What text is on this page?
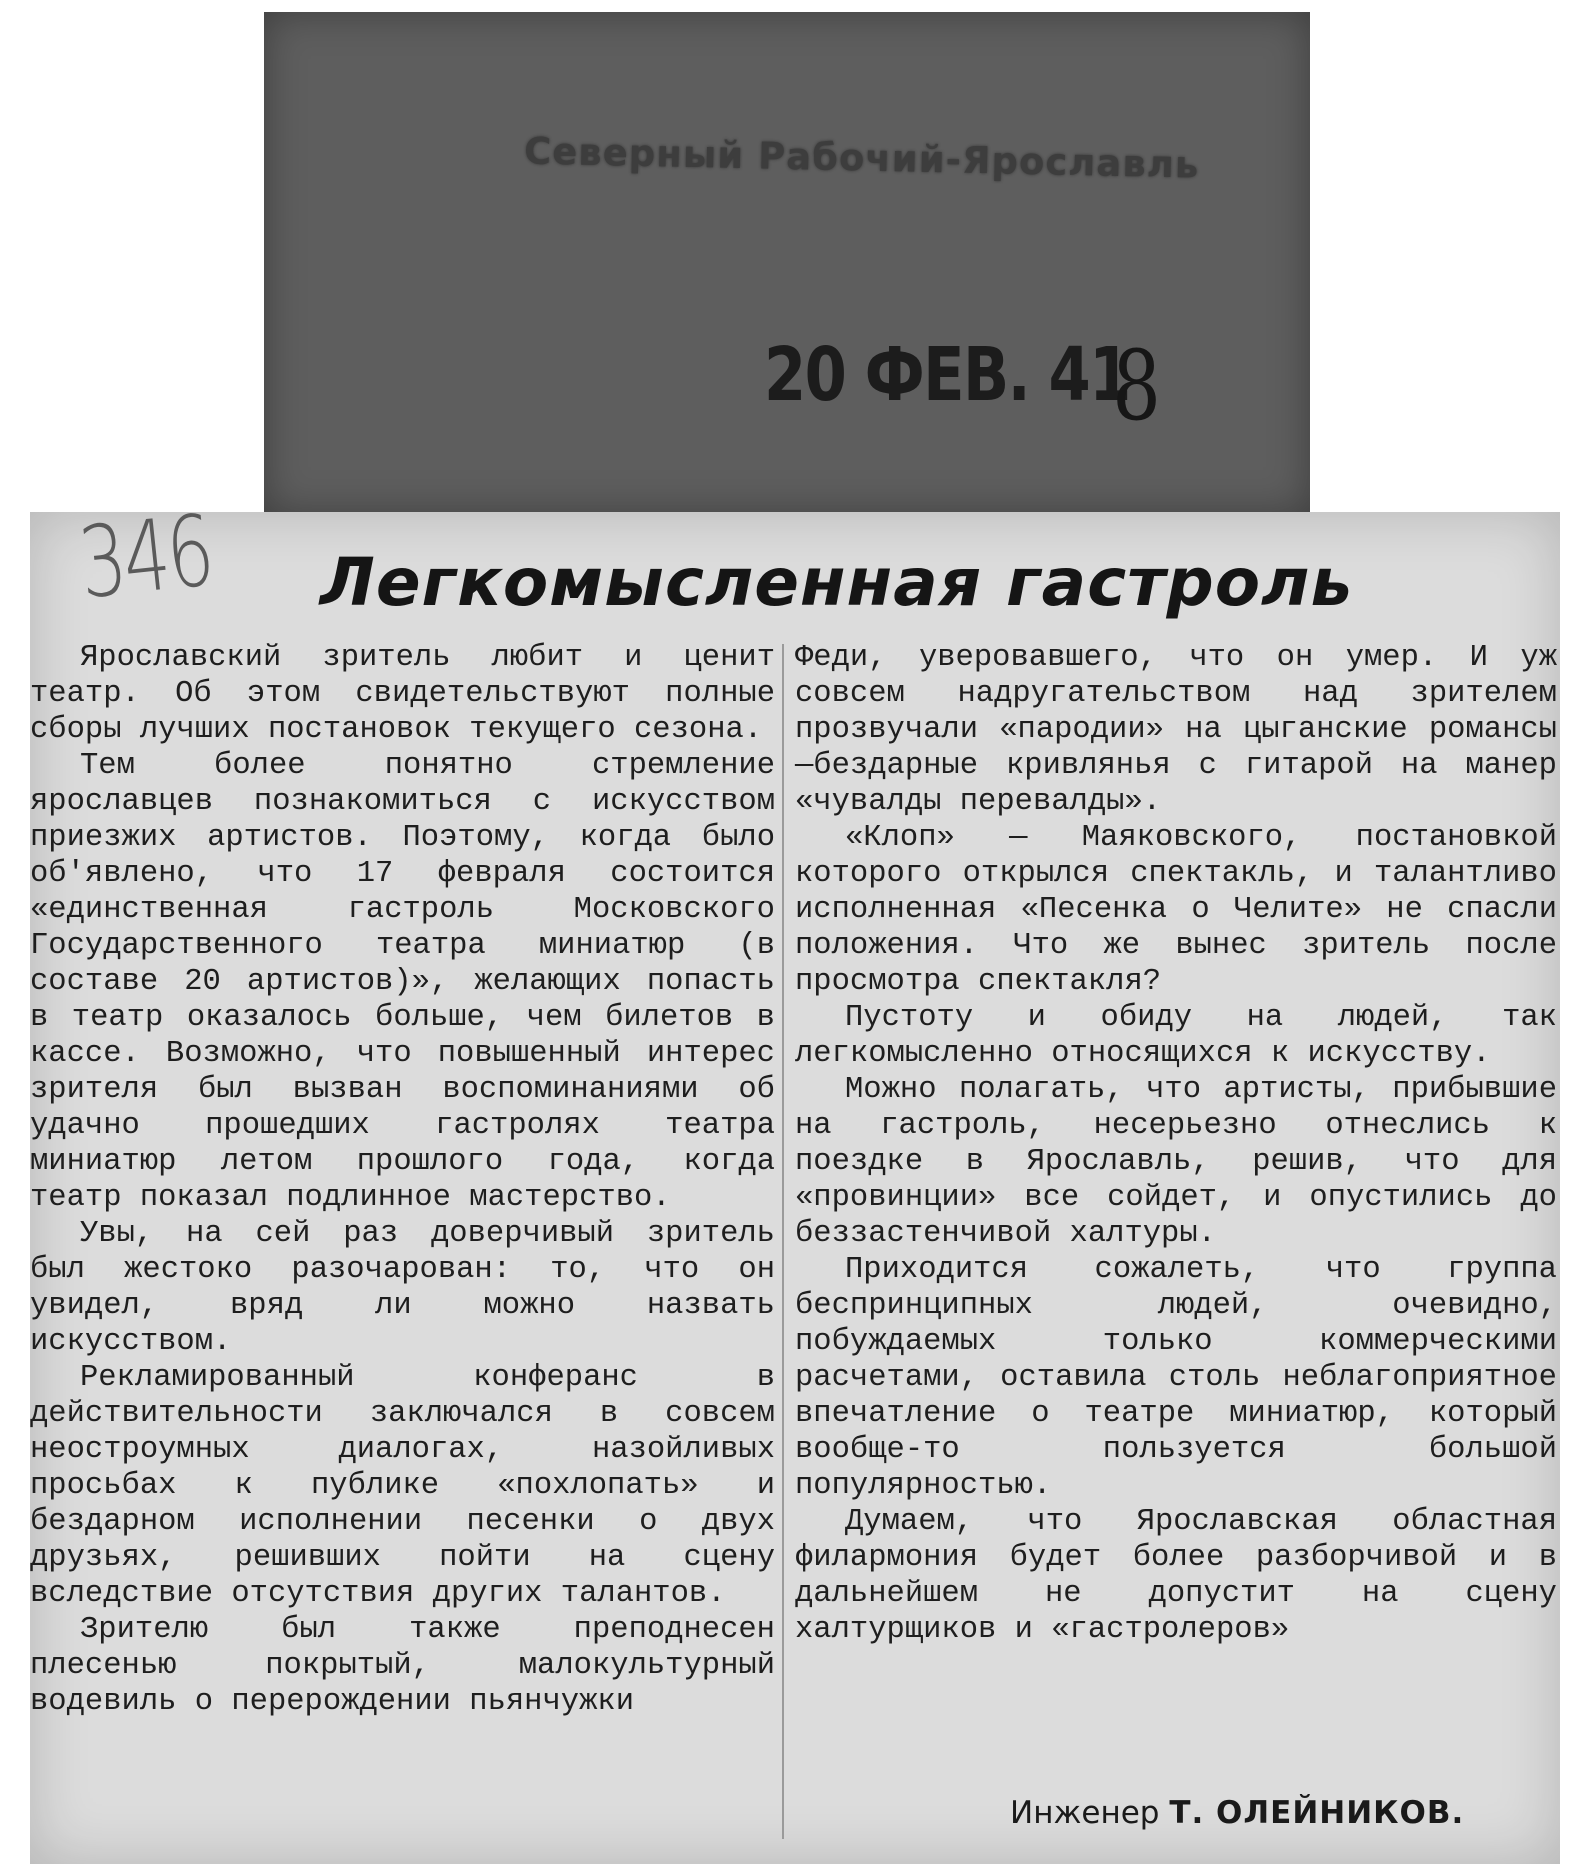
Северный Рабочий-Ярославль
20 ФЕВ. 41
8
346 Легкомысленная гастроль

Ярославский зритель любит и ценит театр. Об этом свидетельствуют полные сборы лучших постановок текущего сезона.

Тем более понятно стремление ярославцев познакомиться с искусством приезжих артистов. Поэтому, когда было об'явлено, что 17 февраля состоится «единственная гастроль Московского Государственного театра миниатюр (в составе 20 артистов)», желающих попасть в театр оказалось больше, чем билетов в кассе. Возможно, что повышенный интерес зрителя был вызван воспоминаниями об удачно прошедших гастролях театра миниатюр летом прошлого года, когда театр показал подлинное мастерство.

Увы, на сей раз доверчивый зритель был жестоко разочарован: то, что он увидел, вряд ли можно назвать искусством.

Рекламированный конферанс в действительности заключался в совсем неостроумных диалогах, назойливых просьбах к публике «похлопать» и бездарном исполнении песенки о двух друзьях, решивших пойти на сцену вследствие отсутствия других талантов.

Зрителю был также преподнесен плесенью покрытый, малокультурный водевиль о перерождении пьянчужки

Феди, уверовавшего, что он умер. И уж совсем надругательством над зрителем прозвучали «пародии» на цыганские романсы—бездарные кривлянья с гитарой на манер «чувалды перевалды».

«Клоп» — Маяковского, постановкой которого открылся спектакль, и талантливо исполненная «Песенка о Челите» не спасли положения. Что же вынес зритель после просмотра спектакля?

Пустоту и обиду на людей, так легкомысленно относящихся к искусству.

Можно полагать, что артисты, прибывшие на гастроль, несерьезно отнеслись к поездке в Ярославль, решив, что для «провинции» все сойдет, и опустились до беззастенчивой халтуры.

Приходится сожалеть, что группа беспринципных людей, очевидно, побуждаемых только коммерческими расчетами, оставила столь неблагоприятное впечатление о театре миниатюр, который вообще-то пользуется большой популярностью.

Думаем, что Ярославская областная филармония будет более разборчивой и в дальнейшем не допустит на сцену халтурщиков и «гастролеров»

Инженер Т. ОЛЕЙНИКОВ.
